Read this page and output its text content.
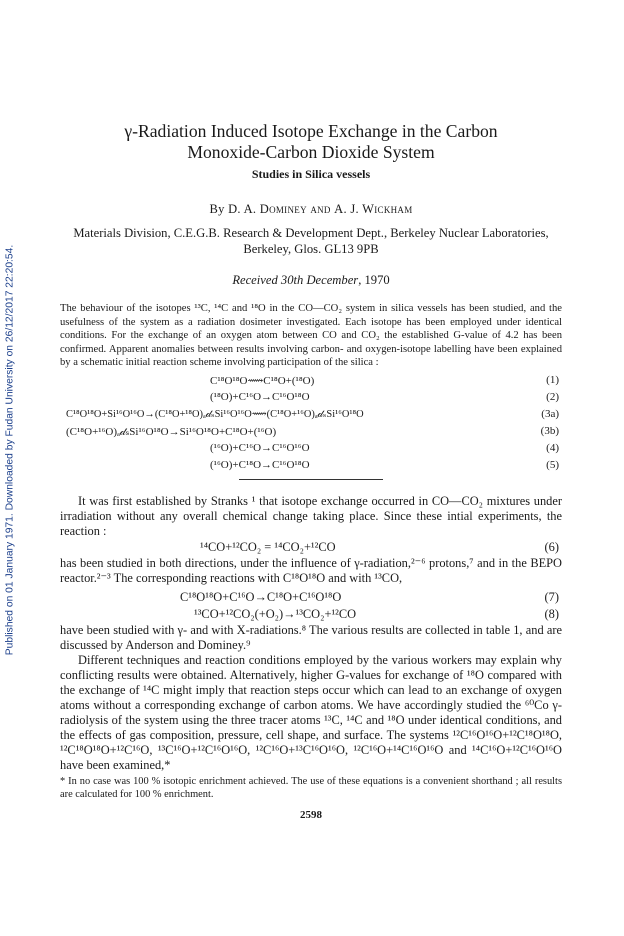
Published on 01 January 1971. Downloaded by Fudan University on 26/12/2017 22:20:54.
γ-Radiation Induced Isotope Exchange in the Carbon
Monoxide-Carbon Dioxide System
Studies in Silica vessels
By D. A. Dominey and A. J. Wickham
Materials Division, C.E.G.B. Research & Development Dept., Berkeley Nuclear Laboratories, Berkeley, Glos. GL13 9PB
Received 30th December, 1970
The behaviour of the isotopes ¹³C, ¹⁴C and ¹⁸O in the CO—CO₂ system in silica vessels has been studied, and the usefulness of the system as a radiation dosimeter investigated. Each isotope has been employed under identical conditions. For the exchange of an oxygen atom between CO and CO₂ the established G-value of 4.2 has been confirmed. Apparent anomalies between results involving carbon- and oxygen-isotope labelling have been explained by a schematic initial reaction scheme involving participation of the silica :
C¹⁸O¹⁸O⟿C¹⁸O+(¹⁸O)	(1)
(¹⁸O)+C¹⁶O→C¹⁶O¹⁸O	(2)
C¹⁸O¹⁸O+Si¹⁶O¹⁶O→(C¹⁸O+¹⁸O)ₐ𝒹ₛSi¹⁶O¹⁶O⟿(C¹⁸O+¹⁶O)ₐ𝒹ₛSi¹⁶O¹⁸O	(3a)
(C¹⁸O+¹⁶O)ₐ𝒹ₛSi¹⁶O¹⁸O→Si¹⁶O¹⁸O+C¹⁸O+(¹⁶O)	(3b)
(¹⁶O)+C¹⁶O→C¹⁶O¹⁶O	(4)
(¹⁶O)+C¹⁸O→C¹⁶O¹⁸O	(5)

It was first established by Stranks ¹ that isotope exchange occurred in CO—CO₂ mixtures under irradiation without any overall chemical change taking place. Since these intial experiments, the reaction :

¹⁴CO+¹²CO₂ = ¹⁴CO₂+¹²CO	(6)

has been studied in both directions, under the influence of γ-radiation,²⁻⁶ protons,⁷ and in the BEPO reactor.²⁻³ The corresponding reactions with C¹⁸O¹⁸O and with ¹³CO,

C¹⁸O¹⁸O+C¹⁶O→C¹⁸O+C¹⁶O¹⁸O	(7)
¹³CO+¹²CO₂(+O₂)→¹³CO₂+¹²CO	(8)

have been studied with γ- and with X-radiations.⁸ The various results are collected in table 1, and are discussed by Anderson and Dominey.⁹

Different techniques and reaction conditions employed by the various workers may explain why conflicting results were obtained. Alternatively, higher G-values for exchange of ¹⁸O compared with the exchange of ¹⁴C might imply that reaction steps occur which can lead to an exchange of oxygen atoms without a corresponding exchange of carbon atoms. We have accordingly studied the ⁶⁰Co γ-radiolysis of the system using the three tracer atoms ¹³C, ¹⁴C and ¹⁸O under identical conditions, and the effects of gas composition, pressure, cell shape, and surface. The systems ¹²C¹⁶O¹⁶O+¹²C¹⁸O¹⁸O, ¹²C¹⁸O¹⁸O+¹²C¹⁶O, ¹³C¹⁶O+¹²C¹⁶O¹⁶O, ¹²C¹⁶O+¹³C¹⁶O¹⁶O, ¹²C¹⁶O+¹⁴C¹⁶O¹⁶O and ¹⁴C¹⁶O+¹²C¹⁶O¹⁶O have been examined,*

* In no case was 100 % isotopic enrichment achieved. The use of these equations is a convenient shorthand ; all results are calculated for 100 % enrichment.
2598
